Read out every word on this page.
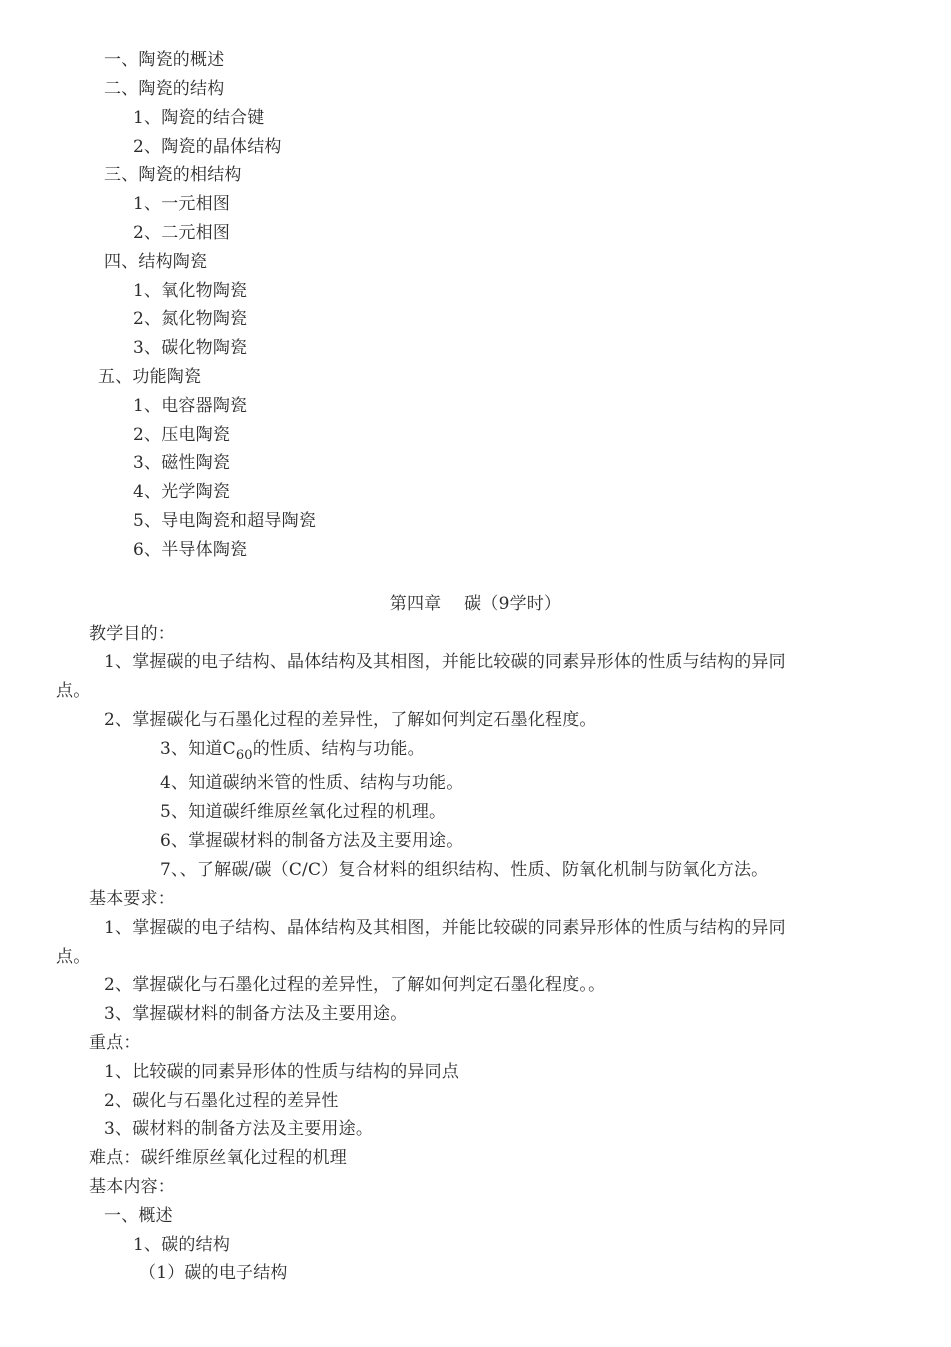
一、陶瓷的概述
二、陶瓷的结构
1、陶瓷的结合键
2、陶瓷的晶体结构
三、陶瓷的相结构
1、一元相图
2、二元相图
四、结构陶瓷
1、氧化物陶瓷
2、氮化物陶瓷
3、碳化物陶瓷
五、功能陶瓷
1、电容器陶瓷
2、压电陶瓷
3、磁性陶瓷
4、光学陶瓷
5、导电陶瓷和超导陶瓷
6、半导体陶瓷
第四章　 碳（9学时）
教学目的：
1、掌握碳的电子结构、晶体结构及其相图，并能比较碳的同素异形体的性质与结构的异同
点。
2、掌握碳化与石墨化过程的差异性，了解如何判定石墨化程度。
3、知道$C_{60}$的性质、结构与功能。
4、知道碳纳米管的性质、结构与功能。
5、知道碳纤维原丝氧化过程的机理。
6、掌握碳材料的制备方法及主要用途。
7、、了解碳/碳（C/C）复合材料的组织结构、性质、防氧化机制与防氧化方法。
基本要求：
1、掌握碳的电子结构、晶体结构及其相图，并能比较碳的同素异形体的性质与结构的异同
点。
2、掌握碳化与石墨化过程的差异性，了解如何判定石墨化程度。。
3、掌握碳材料的制备方法及主要用途。
重点：
1、比较碳的同素异形体的性质与结构的异同点
2、碳化与石墨化过程的差异性
3、碳材料的制备方法及主要用途。
难点：碳纤维原丝氧化过程的机理
基本内容：
一、概述
1、碳的结构
（1）碳的电子结构
